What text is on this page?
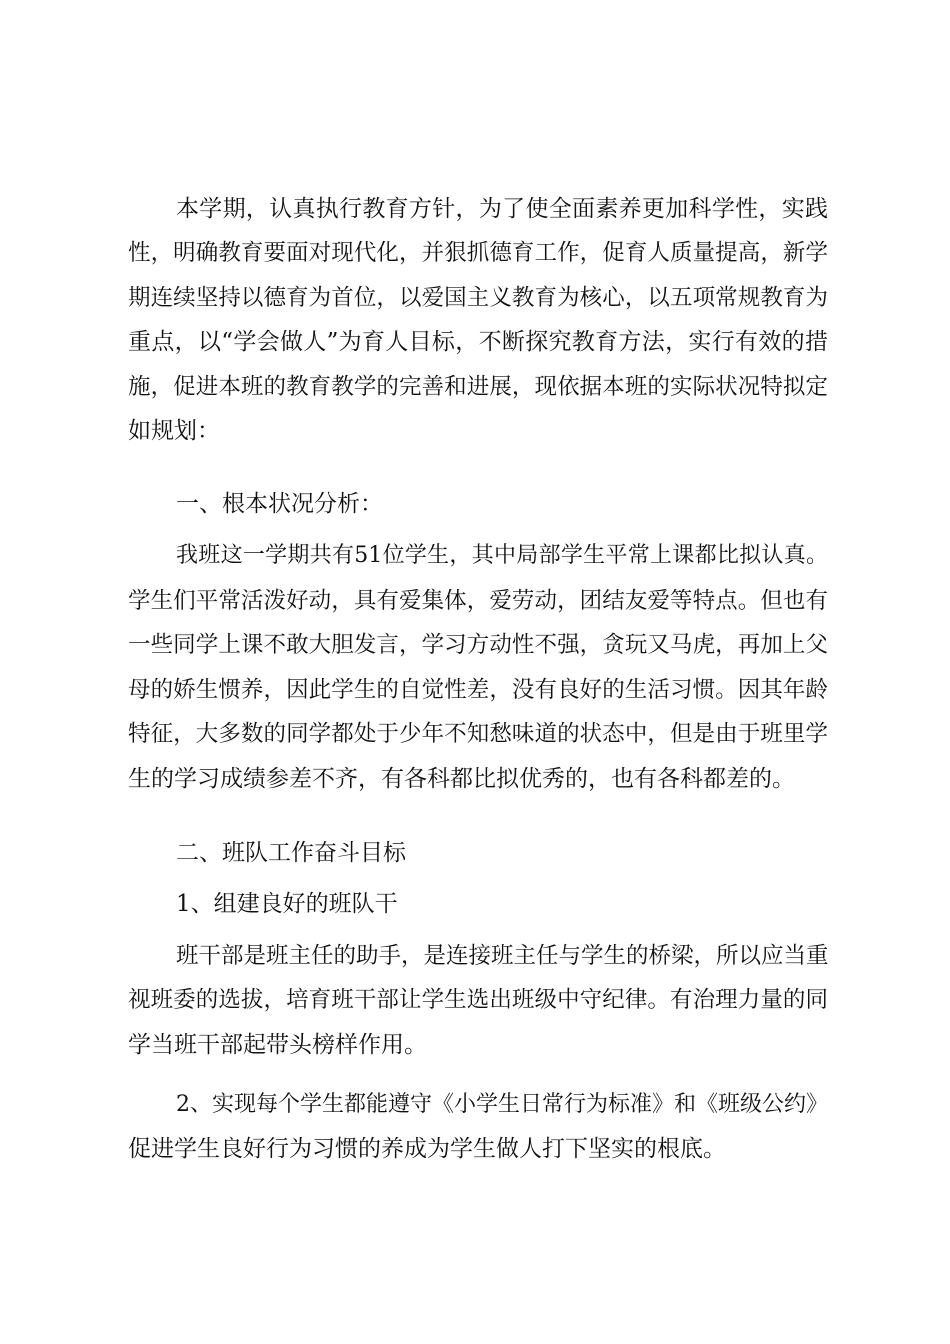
本学期，认真执行教育方针，为了使全面素养更加科学性，实践
性，明确教育要面对现代化，并狠抓德育工作，促育人质量提高，新学
期连续坚持以德育为首位，以爱国主义教育为核心，以五项常规教育为
重点，以“学会做人”为育人目标，不断探究教育方法，实行有效的措
施，促进本班的教育教学的完善和进展，现依据本班的实际状况特拟定
如规划：
一、根本状况分析：
我班这一学期共有51位学生，其中局部学生平常上课都比拟认真。
学生们平常活泼好动，具有爱集体，爱劳动，团结友爱等特点。但也有
一些同学上课不敢大胆发言，学习方动性不强，贪玩又马虎，再加上父
母的娇生惯养，因此学生的自觉性差，没有良好的生活习惯。因其年龄
特征，大多数的同学都处于少年不知愁味道的状态中，但是由于班里学
生的学习成绩参差不齐，有各科都比拟优秀的，也有各科都差的。
二、班队工作奋斗目标
1、组建良好的班队干
班干部是班主任的助手，是连接班主任与学生的桥梁，所以应当重
视班委的选拔，培育班干部让学生选出班级中守纪律。有治理力量的同
学当班干部起带头榜样作用。
2、实现每个学生都能遵守《小学生日常行为标准》和《班级公约》
促进学生良好行为习惯的养成为学生做人打下坚实的根底。
